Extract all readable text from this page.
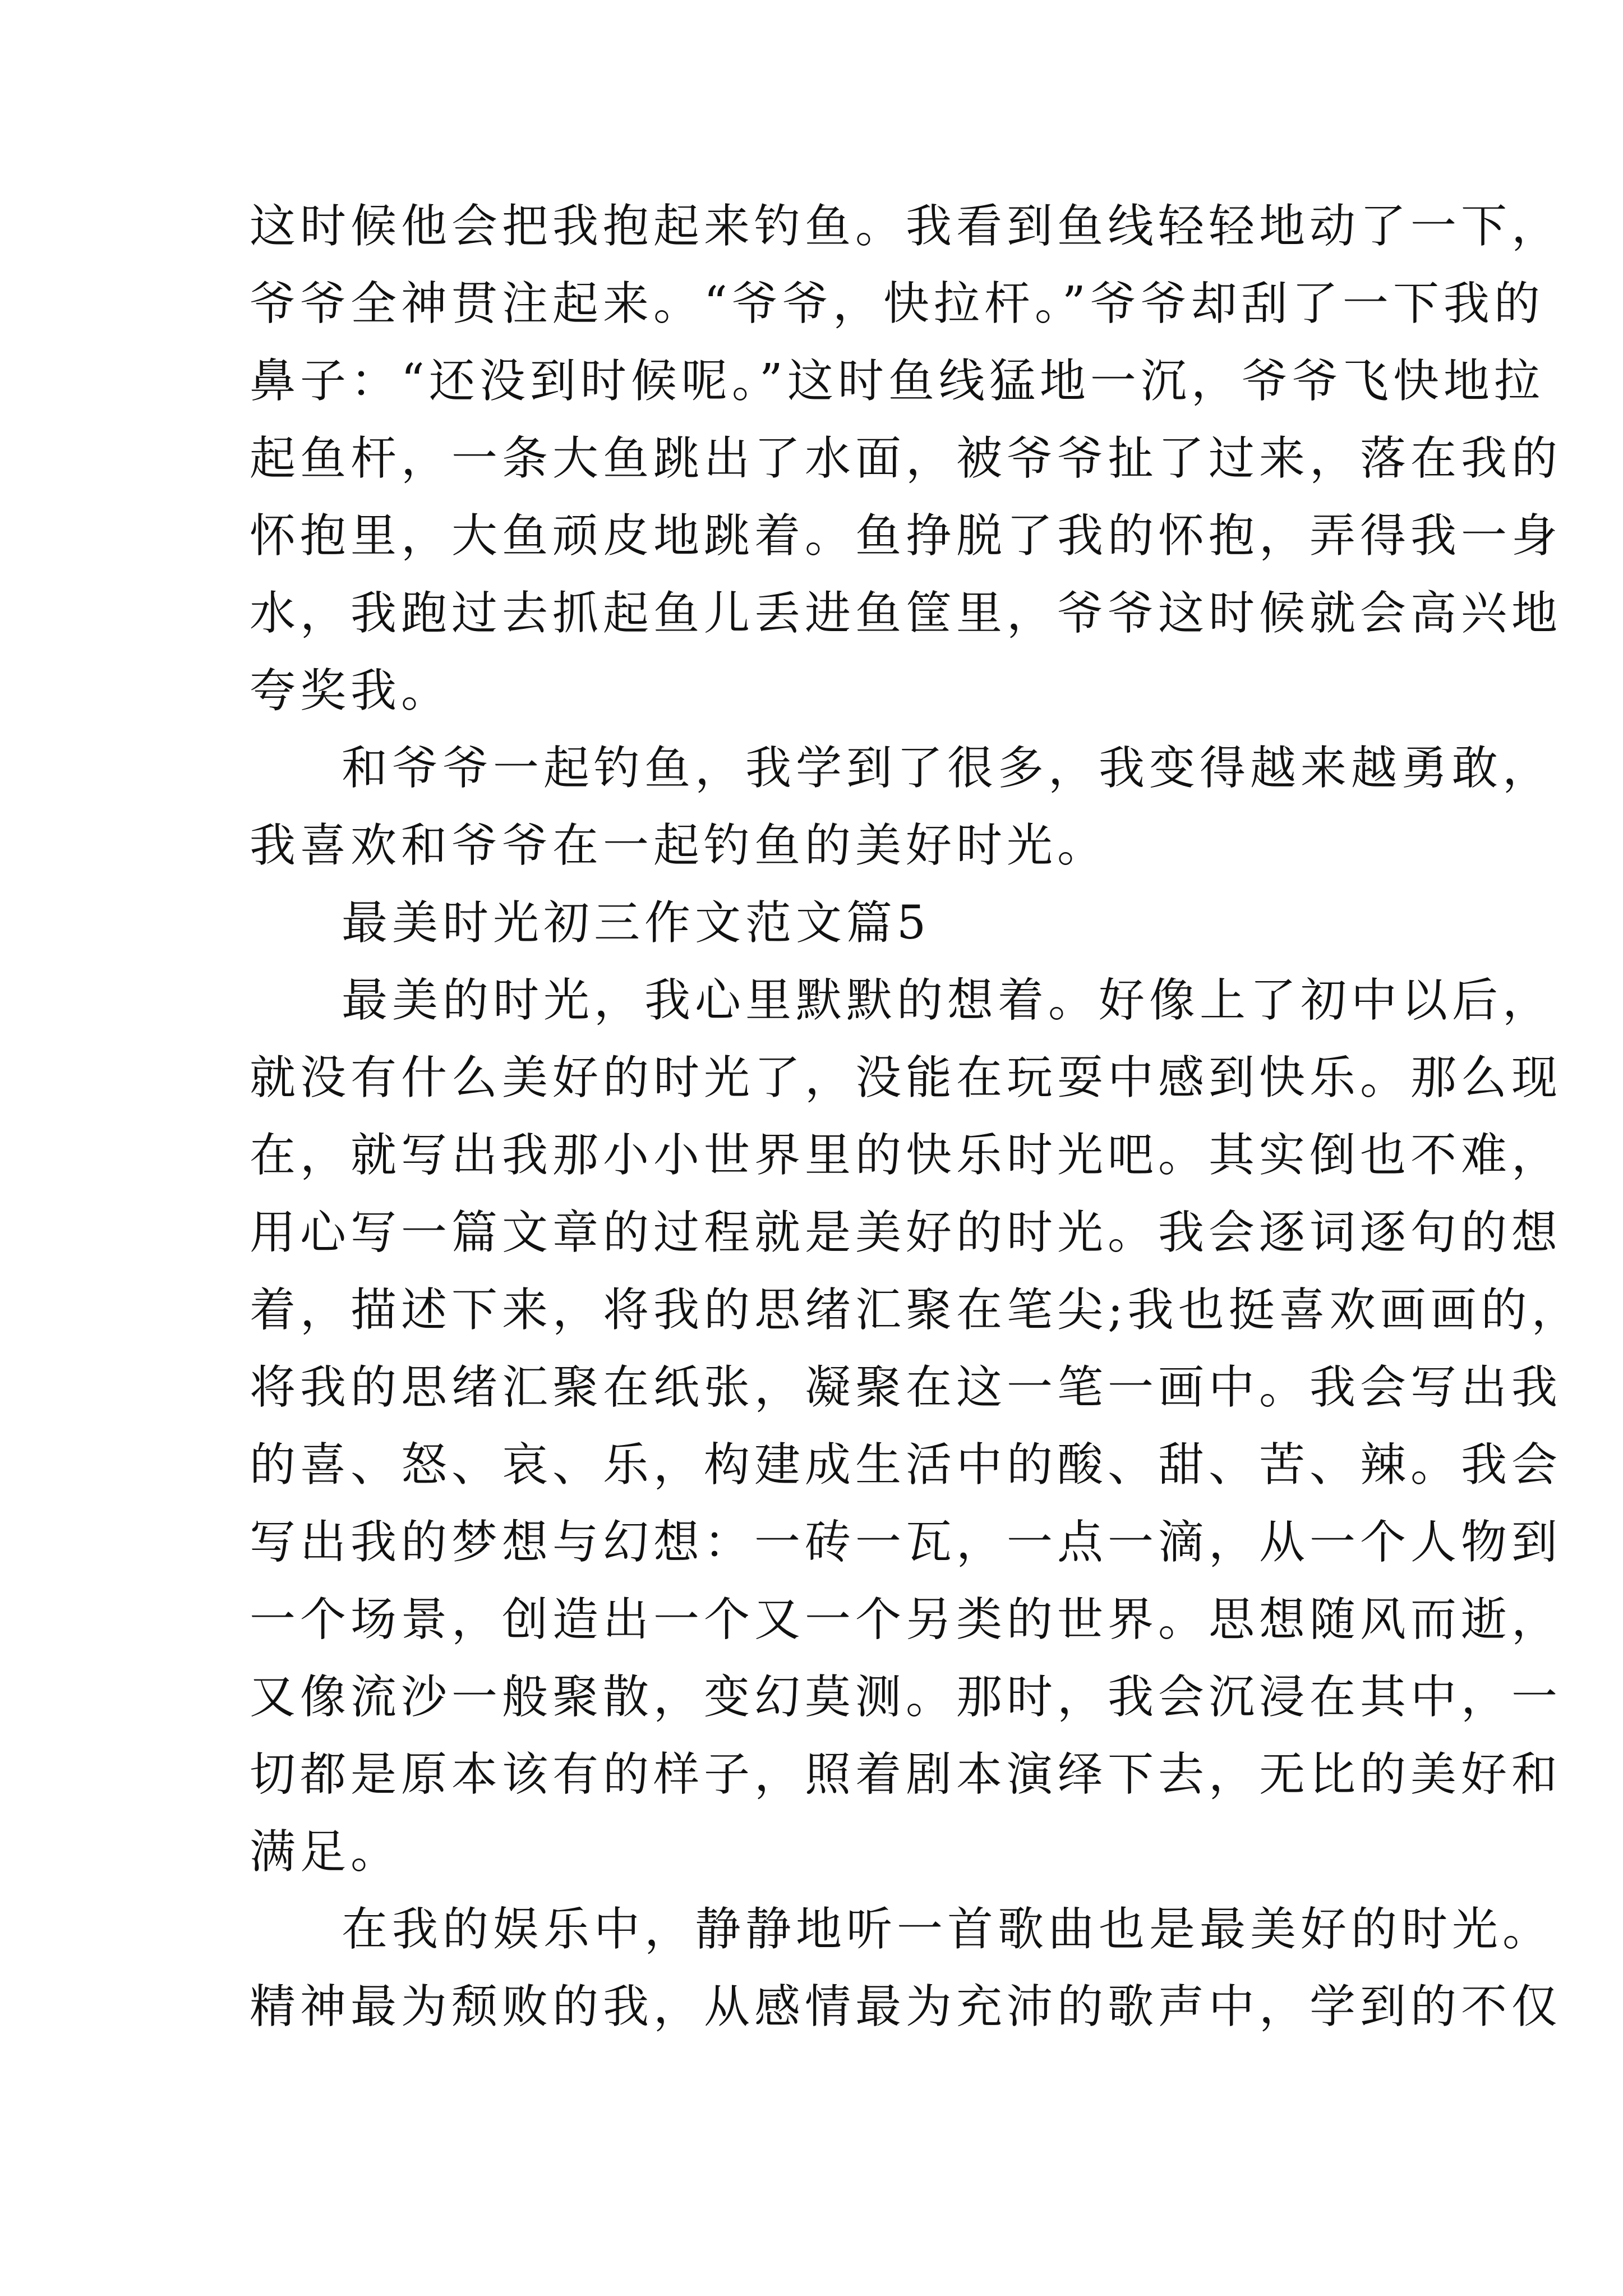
这时候他会把我抱起来钓鱼。我看到鱼线轻轻地动了一下，
爷爷全神贯注起来。“爷爷，快拉杆。”爷爷却刮了一下我的
鼻子：“还没到时候呢。”这时鱼线猛地一沉，爷爷飞快地拉
起鱼杆，一条大鱼跳出了水面，被爷爷扯了过来，落在我的
怀抱里，大鱼顽皮地跳着。鱼挣脱了我的怀抱，弄得我一身
水，我跑过去抓起鱼儿丢进鱼筐里，爷爷这时候就会高兴地
夸奖我。
和爷爷一起钓鱼，我学到了很多，我变得越来越勇敢，
我喜欢和爷爷在一起钓鱼的美好时光。
最美时光初三作文范文篇5
最美的时光，我心里默默的想着。好像上了初中以后，
就没有什么美好的时光了，没能在玩耍中感到快乐。那么现
在，就写出我那小小世界里的快乐时光吧。其实倒也不难，
用心写一篇文章的过程就是美好的时光。我会逐词逐句的想
着，描述下来，将我的思绪汇聚在笔尖;我也挺喜欢画画的，
将我的思绪汇聚在纸张，凝聚在这一笔一画中。我会写出我
的喜、怒、哀、乐，构建成生活中的酸、甜、苦、辣。我会
写出我的梦想与幻想：一砖一瓦，一点一滴，从一个人物到
一个场景，创造出一个又一个另类的世界。思想随风而逝，
又像流沙一般聚散，变幻莫测。那时，我会沉浸在其中，一
切都是原本该有的样子，照着剧本演绎下去，无比的美好和
满足。
在我的娱乐中，静静地听一首歌曲也是最美好的时光。
精神最为颓败的我，从感情最为充沛的歌声中，学到的不仅
